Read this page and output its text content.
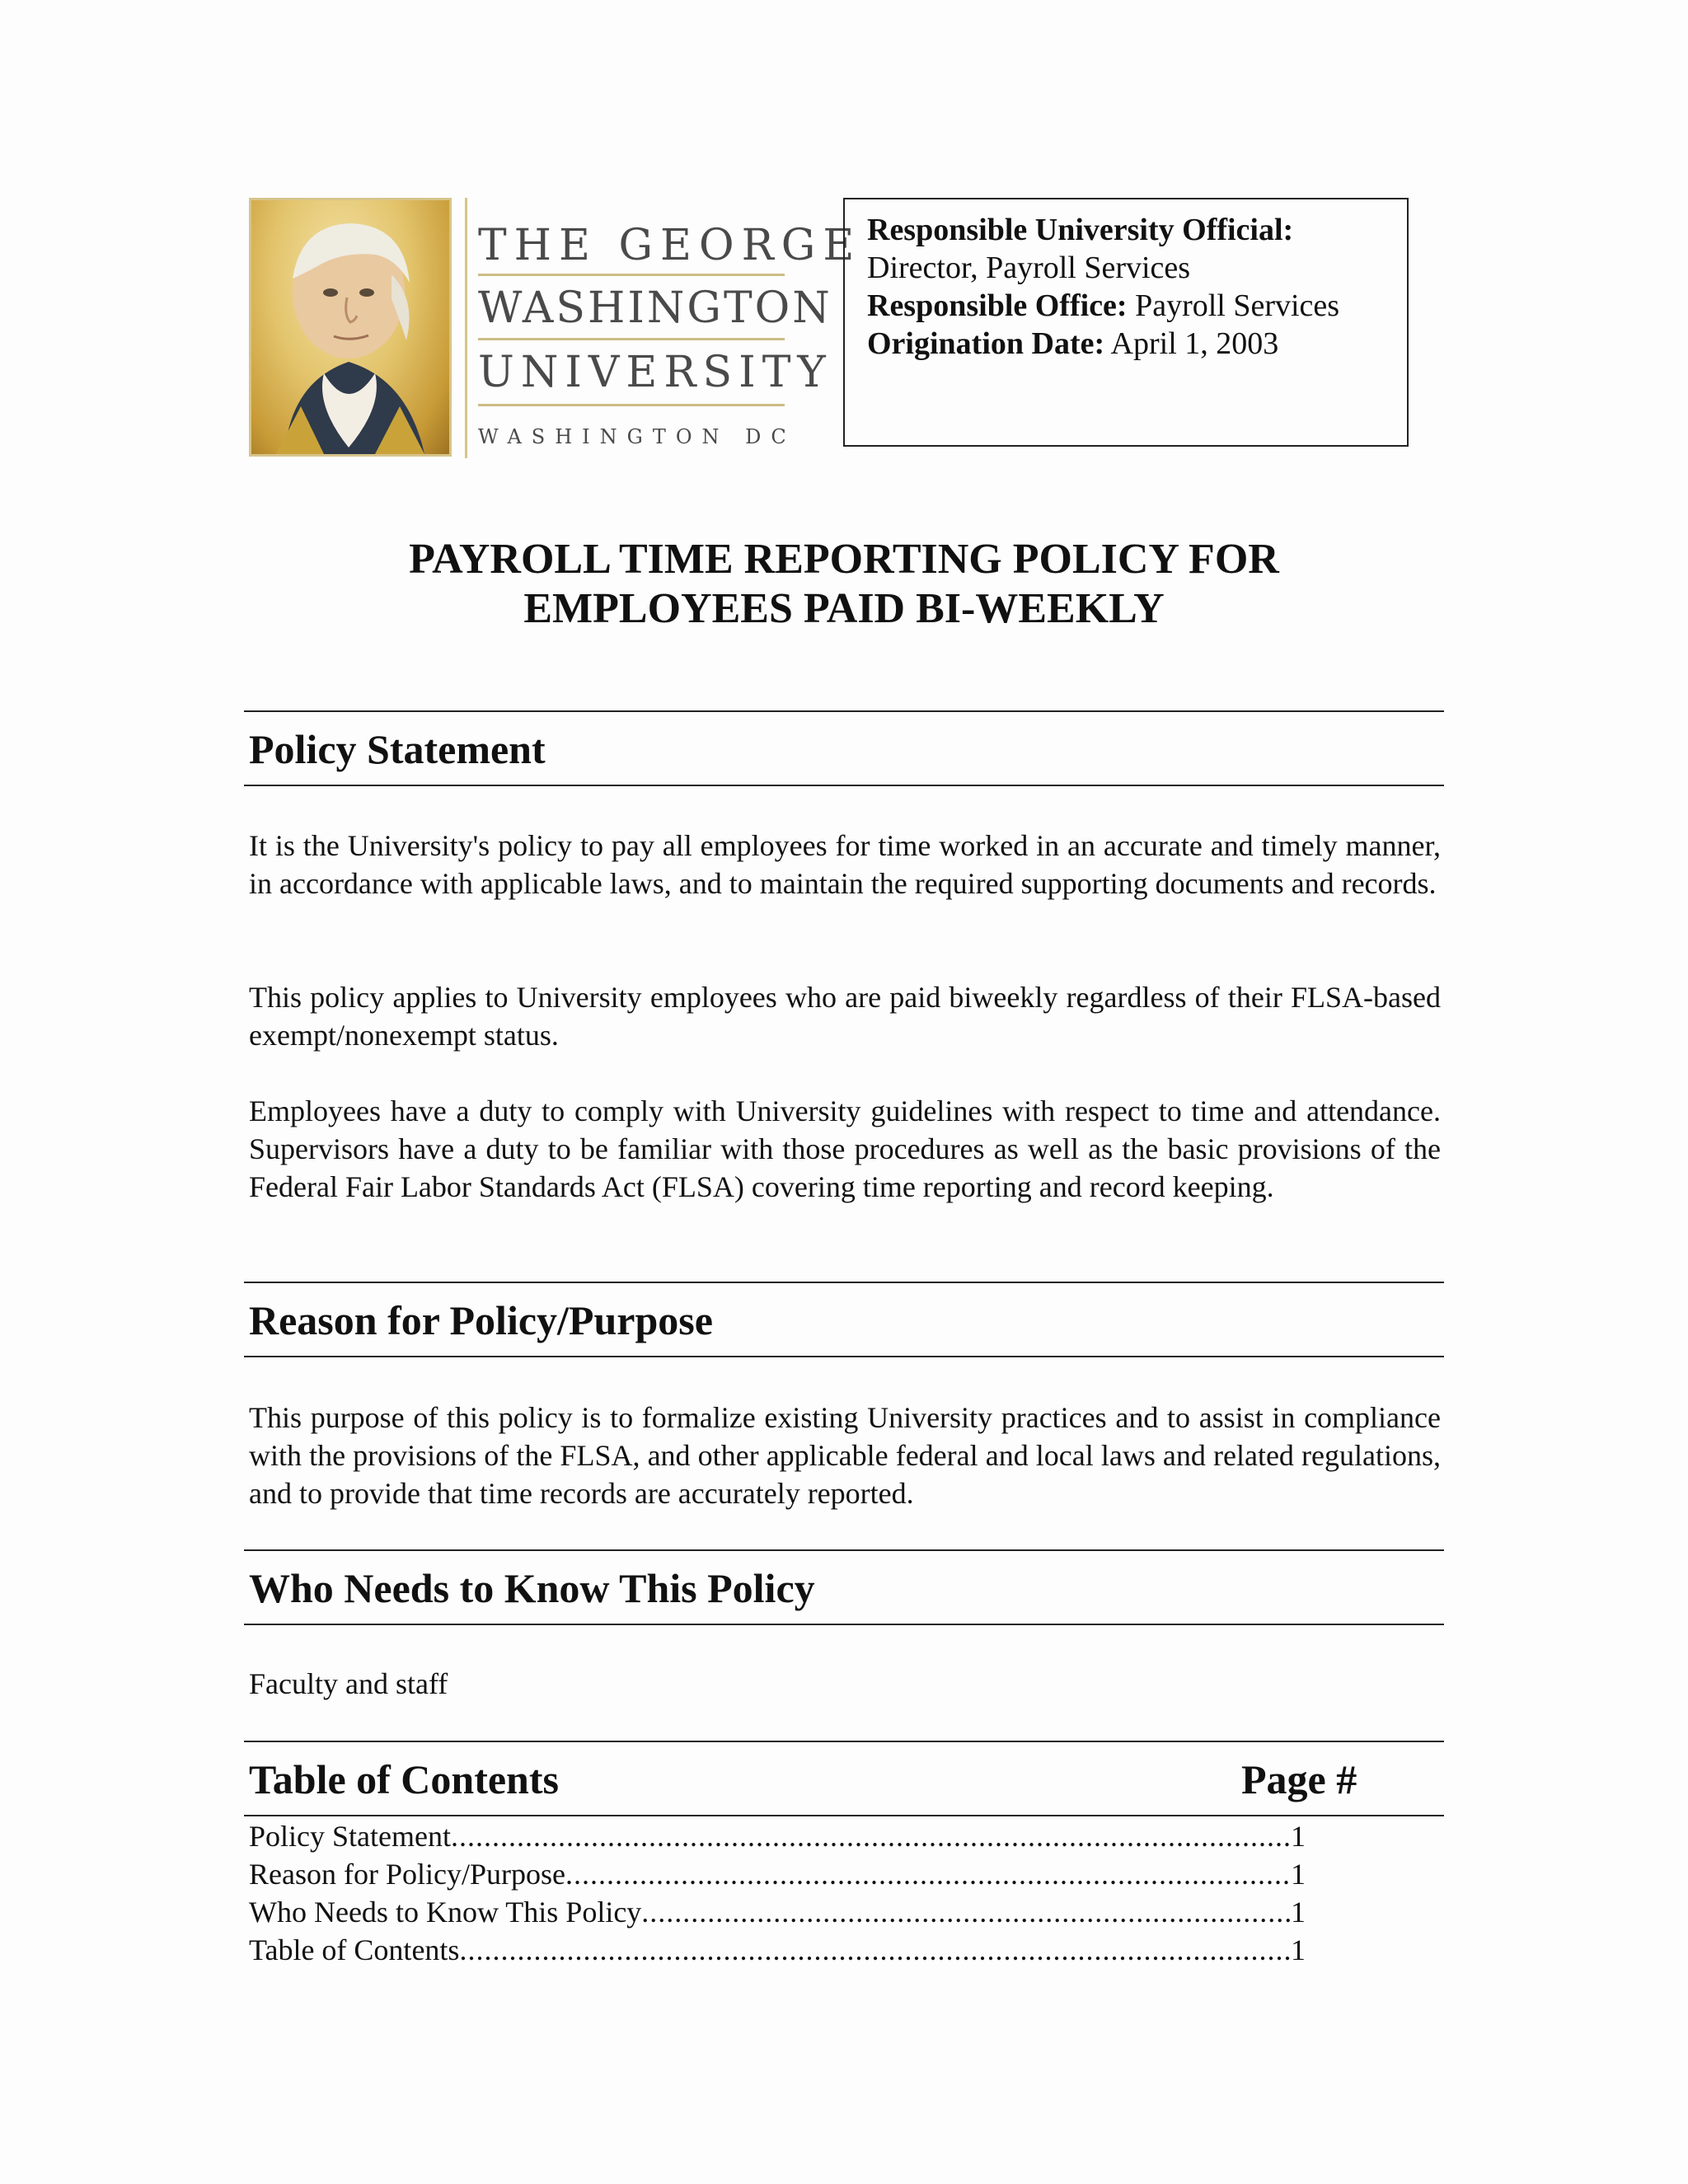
THE GEORGE
WASHINGTON
UNIVERSITY
WASHINGTON DC
Responsible University Official:
Director, Payroll Services
Responsible Office: Payroll Services
Origination Date: April 1, 2003
PAYROLL TIME REPORTING POLICY FOR
EMPLOYEES PAID BI-WEEKLY
Policy Statement
It is the University's policy to pay all employees for time worked in an accurate and timely manner, in accordance with applicable laws, and to maintain the required supporting documents and records.
This policy applies to University employees who are paid biweekly regardless of their FLSA-based exempt/nonexempt status.
Employees have a duty to comply with University guidelines with respect to time and attendance. Supervisors have a duty to be familiar with those procedures as well as the basic provisions of the Federal Fair Labor Standards Act (FLSA) covering time reporting and record keeping.
Reason for Policy/Purpose
This purpose of this policy is to formalize existing University practices and to assist in compliance with the provisions of the FLSA, and other applicable federal and local laws and related regulations, and to provide that time records are accurately reported.
Who Needs to Know This Policy
Faculty and staff
Table of Contents	Page #
Policy Statement .....	1
Reason for Policy/Purpose .....	1
Who Needs to Know This Policy .....	1
Table of Contents .....	1
